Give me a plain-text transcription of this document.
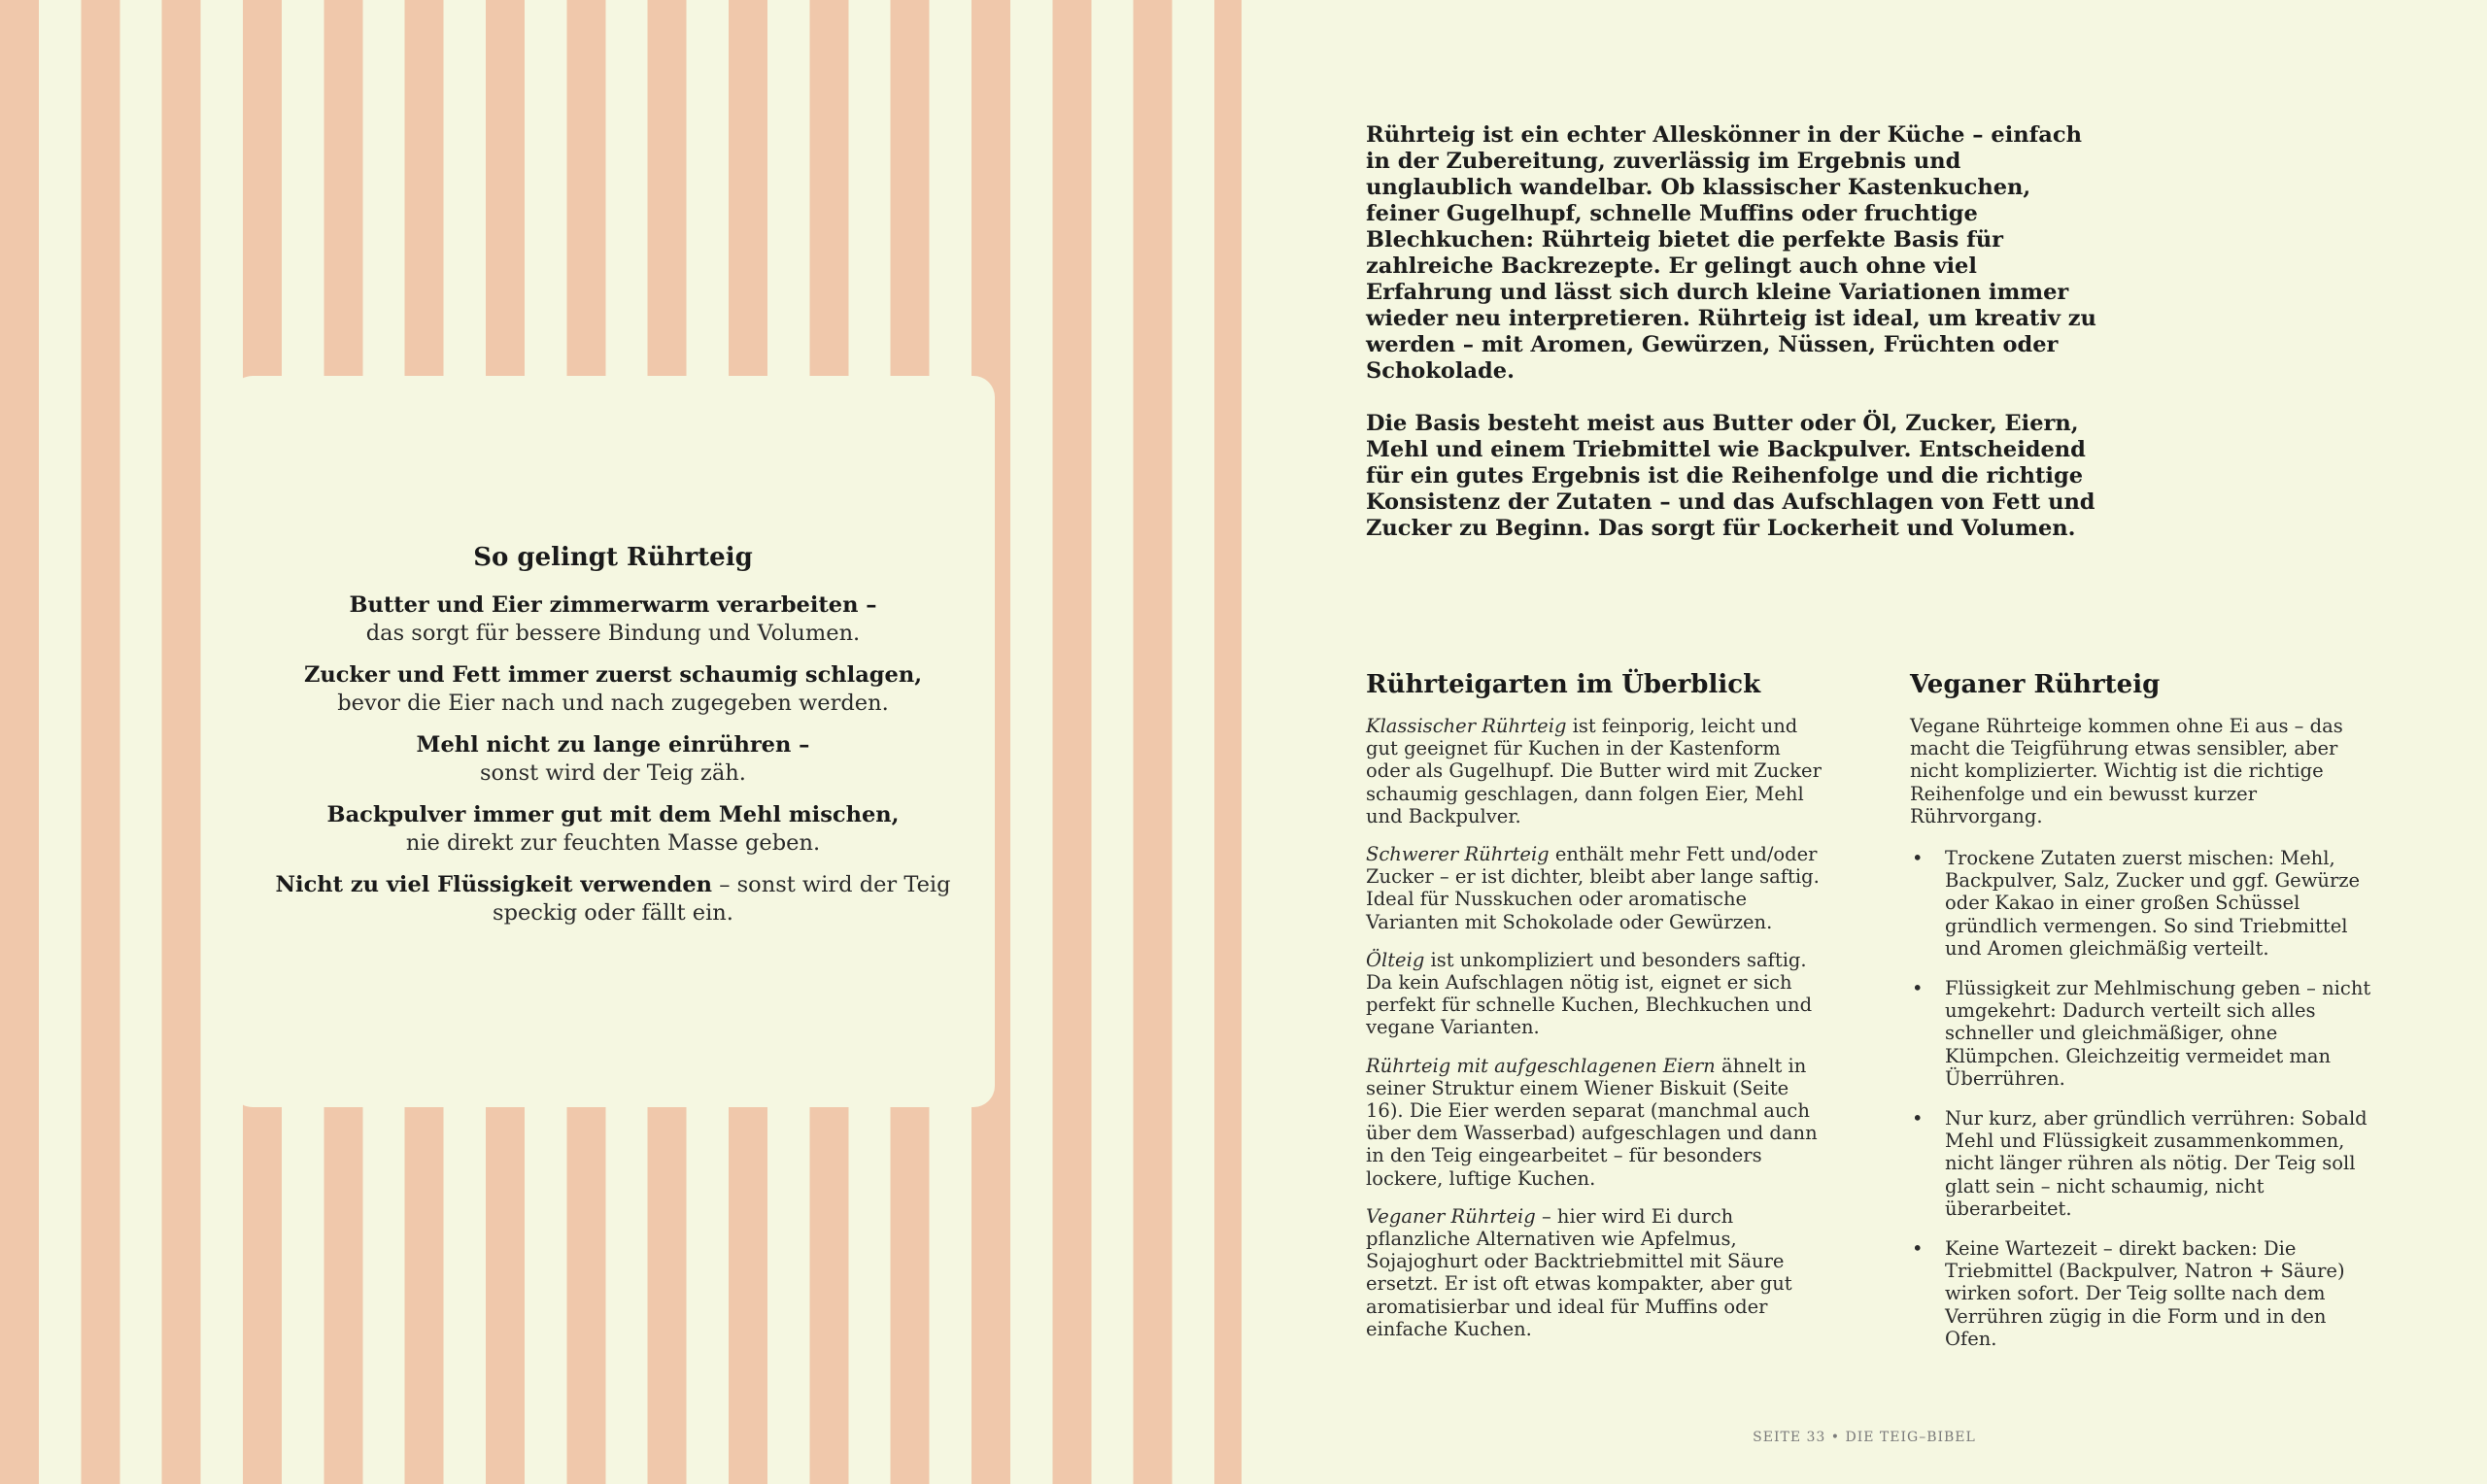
So gelingt Rührteig

Butter und Eier zimmerwarm verarbeiten –
das sorgt für bessere Bindung und Volumen.

Zucker und Fett immer zuerst schaumig schlagen, bevor die Eier nach und nach zugegeben werden.

Mehl nicht zu lange einrühren –
sonst wird der Teig zäh.

Backpulver immer gut mit dem Mehl mischen,
nie direkt zur feuchten Masse geben.

Nicht zu viel Flüssigkeit verwenden – sonst wird der Teig speckig oder fällt ein.

Rührteig ist ein echter Alleskönner in der Küche – einfach in der Zubereitung, zuverlässig im Ergebnis und unglaublich wandelbar. Ob klassischer Kastenkuchen, feiner Gugelhupf, schnelle Muffins oder fruchtige Blechkuchen: Rührteig bietet die perfekte Basis für zahlreiche Backrezepte. Er gelingt auch ohne viel Erfahrung und lässt sich durch kleine Variationen immer wieder neu interpretieren. Rührteig ist ideal, um kreativ zu werden – mit Aromen, Gewürzen, Nüssen, Früchten oder Schokolade.

Die Basis besteht meist aus Butter oder Öl, Zucker, Eiern, Mehl und einem Triebmittel wie Backpulver. Entscheidend für ein gutes Ergebnis ist die Reihenfolge und die richtige Konsistenz der Zutaten – und das Aufschlagen von Fett und Zucker zu Beginn. Das sorgt für Lockerheit und Volumen.

Rührteigarten im Überblick

Klassischer Rührteig ist feinporig, leicht und gut geeignet für Kuchen in der Kastenform oder als Gugelhupf. Die Butter wird mit Zucker schaumig geschlagen, dann folgen Eier, Mehl und Backpulver.

Schwerer Rührteig enthält mehr Fett und/oder Zucker – er ist dichter, bleibt aber lange saftig. Ideal für Nusskuchen oder aromatische Varianten mit Schokolade oder Gewürzen.

Ölteig ist unkompliziert und besonders saftig. Da kein Aufschlagen nötig ist, eignet er sich perfekt für schnelle Kuchen, Blechkuchen und vegane Varianten.

Rührteig mit aufgeschlagenen Eiern ähnelt in seiner Struktur einem Wiener Biskuit (Seite 16). Die Eier werden separat (manchmal auch über dem Wasserbad) aufgeschlagen und dann in den Teig eingearbeitet – für besonders lockere, luftige Kuchen.

Veganer Rührteig – hier wird Ei durch pflanzliche Alternativen wie Apfelmus, Sojajoghurt oder Backtriebmittel mit Säure ersetzt. Er ist oft etwas kompakter, aber gut aromatisierbar und ideal für Muffins oder einfache Kuchen.

Veganer Rührteig

Vegane Rührteige kommen ohne Ei aus – das macht die Teigführung etwas sensibler, aber nicht komplizierter. Wichtig ist die richtige Reihenfolge und ein bewusst kurzer Rührvorgang.

• Trockene Zutaten zuerst mischen: Mehl, Backpulver, Salz, Zucker und ggf. Gewürze oder Kakao in einer großen Schüssel gründlich vermengen. So sind Triebmittel und Aromen gleichmäßig verteilt.
• Flüssigkeit zur Mehlmischung geben – nicht umgekehrt: Dadurch verteilt sich alles schneller und gleichmäßiger, ohne Klümpchen. Gleichzeitig vermeidet man Überrühren.
• Nur kurz, aber gründlich verrühren: Sobald Mehl und Flüssigkeit zusammenkommen, nicht länger rühren als nötig. Der Teig soll glatt sein – nicht schaumig, nicht überarbeitet.
• Keine Wartezeit – direkt backen: Die Triebmittel (Backpulver, Natron + Säure) wirken sofort. Der Teig sollte nach dem Verrühren zügig in die Form und in den Ofen.
SEITE 33 • DIE TEIG–BIBEL
